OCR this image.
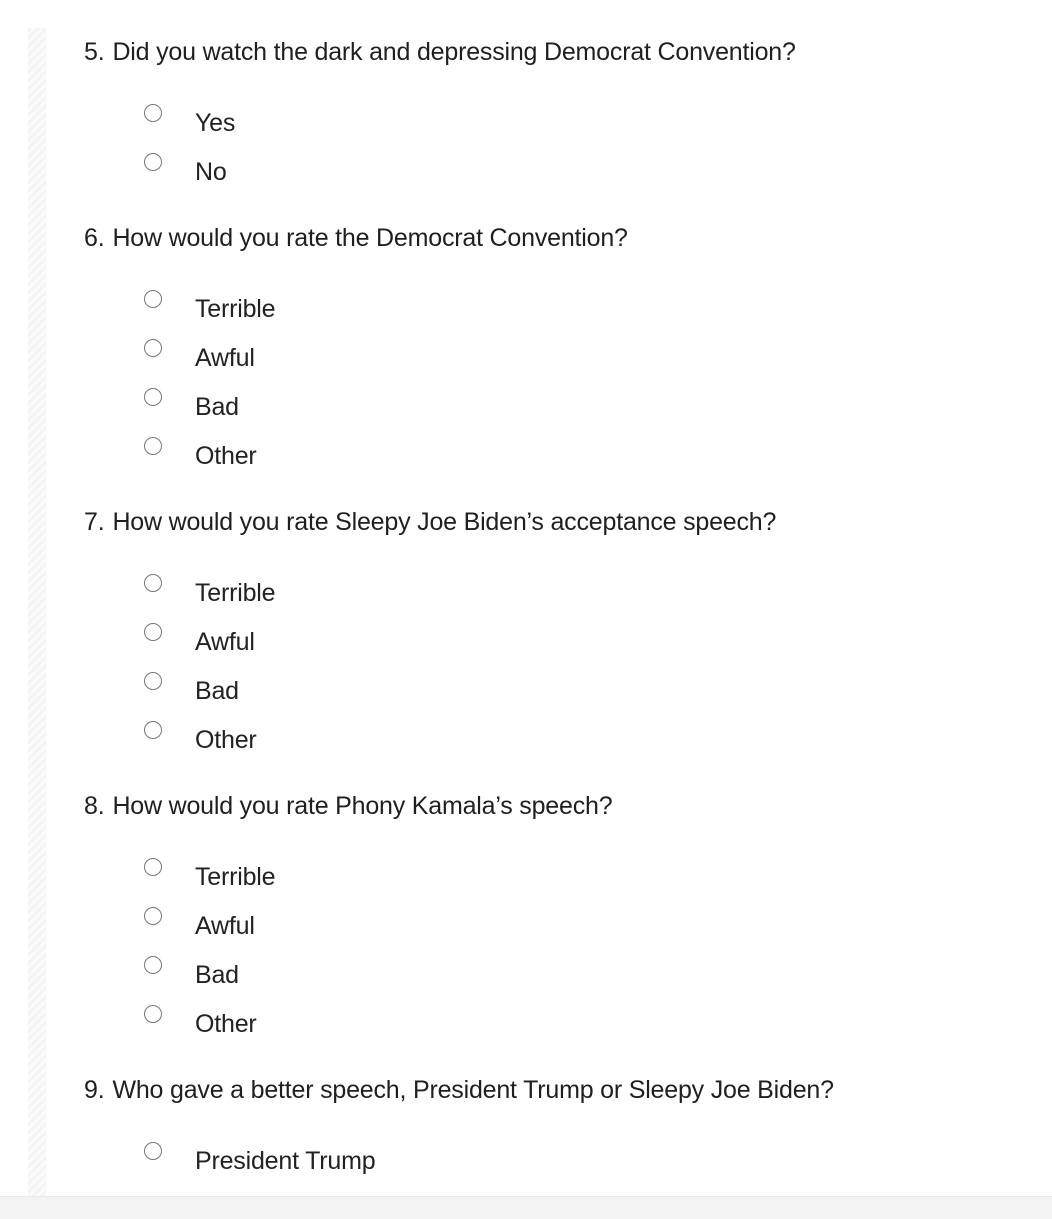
5. Did you watch the dark and depressing Democrat Convention?

Yes
No

6. How would you rate the Democrat Convention?

Terrible
Awful
Bad
Other

7. How would you rate Sleepy Joe Biden’s acceptance speech?

Terrible
Awful
Bad
Other

8. How would you rate Phony Kamala’s speech?

Terrible
Awful
Bad
Other

9. Who gave a better speech, President Trump or Sleepy Joe Biden?

President Trump
